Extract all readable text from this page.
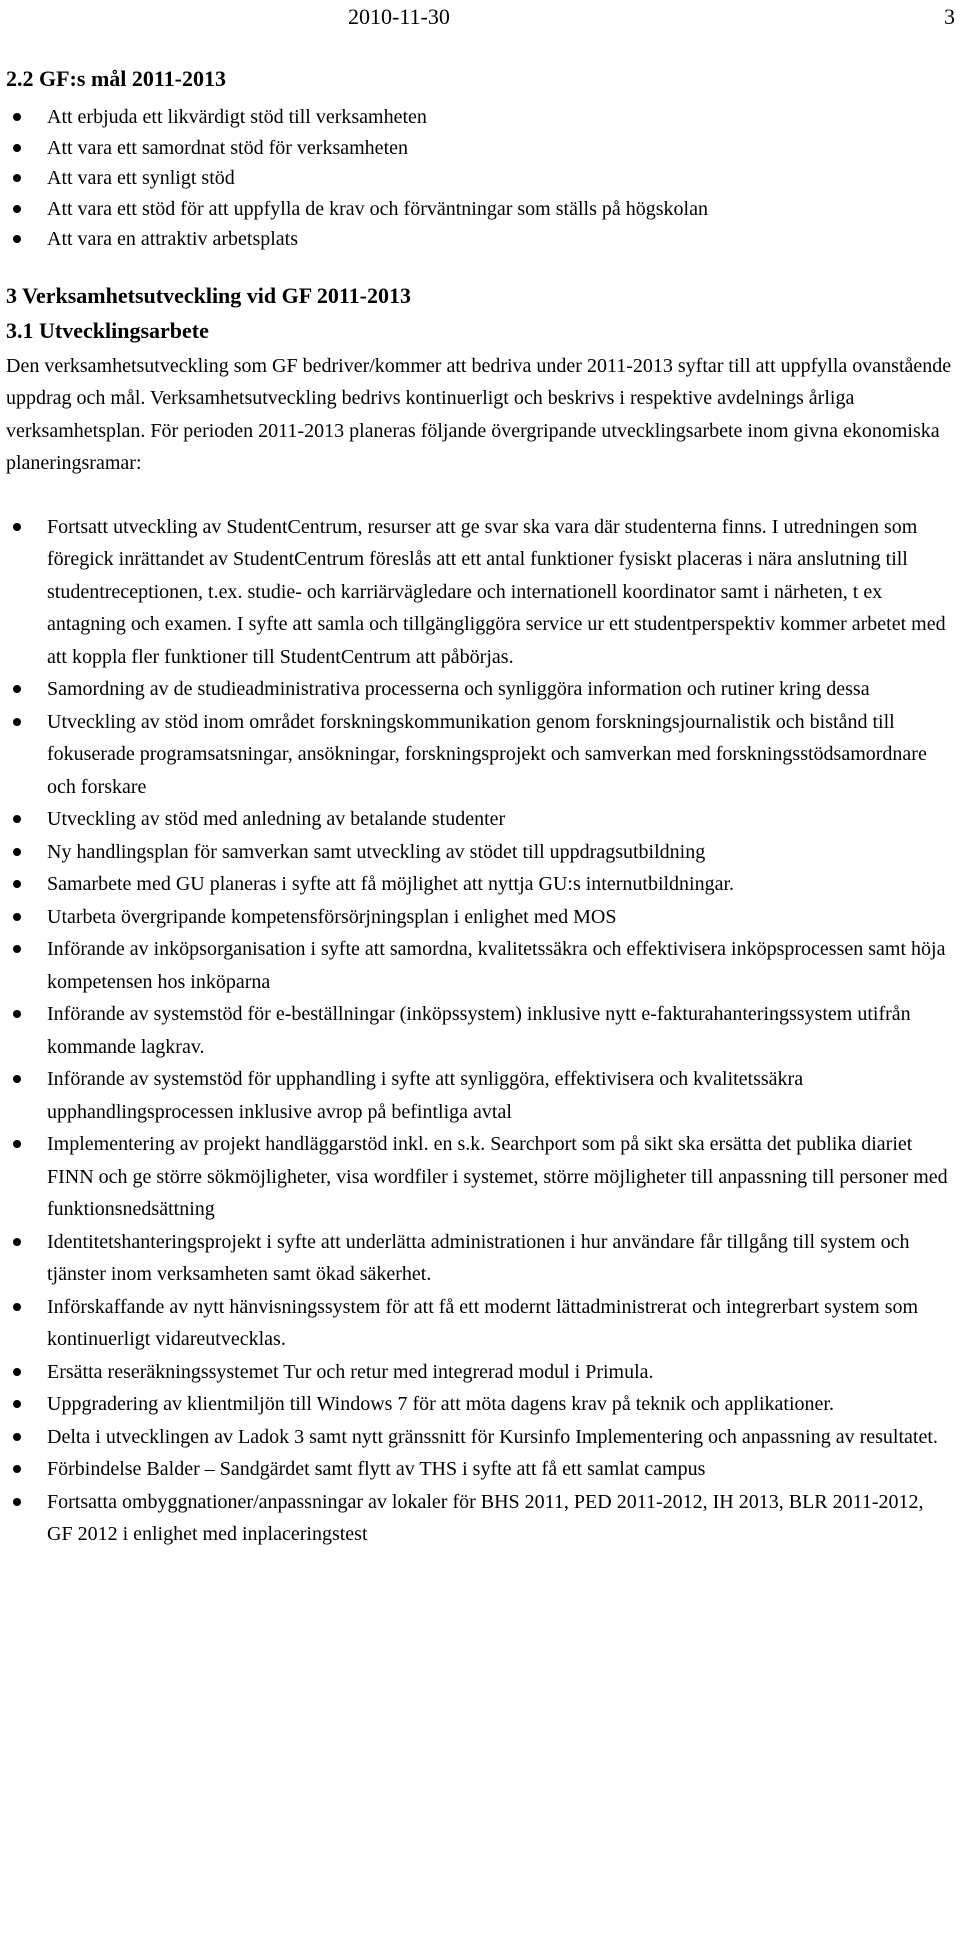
2010-11-30	3
2.2 GF:s mål 2011-2013
Att erbjuda ett likvärdigt stöd till verksamheten
Att vara ett samordnat stöd för verksamheten
Att vara ett synligt stöd
Att vara ett stöd för att uppfylla de krav och förväntningar som ställs på högskolan
Att vara en attraktiv arbetsplats
3 Verksamhetsutveckling vid GF 2011-2013
3.1 Utvecklingsarbete

Den verksamhetsutveckling som GF bedriver/kommer att bedriva under 2011-2013 syftar till att uppfylla ovanstående uppdrag och mål. Verksamhetsutveckling bedrivs kontinuerligt och beskrivs i respektive avdelnings årliga verksamhetsplan. För perioden 2011-2013 planeras följande övergripande utvecklingsarbete inom givna ekonomiska planeringsramar:

Fortsatt utveckling av StudentCentrum, resurser att ge svar ska vara där studenterna finns. I utredningen som föregick inrättandet av StudentCentrum föreslås att ett antal funktioner fysiskt placeras i nära anslutning till studentreceptionen, t.ex. studie- och karriärvägledare och internationell koordinator samt i närheten, t ex antagning och examen. I syfte att samla och tillgängliggöra service ur ett studentperspektiv kommer arbetet med att koppla fler funktioner till StudentCentrum att påbörjas.
Samordning av de studieadministrativa processerna och synliggöra information och rutiner kring dessa
Utveckling av stöd inom området forskningskommunikation genom forskningsjournalistik och bistånd till fokuserade programsatsningar, ansökningar, forskningsprojekt och samverkan med forskningsstödsamordnare och forskare
Utveckling av stöd med anledning av betalande studenter
Ny handlingsplan för samverkan samt utveckling av stödet till uppdragsutbildning
Samarbete med GU planeras i syfte att få möjlighet att nyttja GU:s internutbildningar.
Utarbeta övergripande kompetensförsörjningsplan i enlighet med MOS
Införande av inköpsorganisation i syfte att samordna, kvalitetssäkra och effektivisera inköpsprocessen samt höja kompetensen hos inköparna
Införande av systemstöd för e-beställningar (inköpssystem) inklusive nytt e-fakturahanteringssystem utifrån kommande lagkrav.
Införande av systemstöd för upphandling i syfte att synliggöra, effektivisera och kvalitetssäkra upphandlingsprocessen inklusive avrop på befintliga avtal
Implementering av projekt handläggarstöd inkl. en s.k. Searchport som på sikt ska ersätta det publika diariet FINN och ge större sökmöjligheter, visa wordfiler i systemet, större möjligheter till anpassning till personer med funktionsnedsättning
Identitetshanteringsprojekt i syfte att underlätta administrationen i hur användare får tillgång till system och tjänster inom verksamheten samt ökad säkerhet.
Införskaffande av nytt hänvisningssystem för att få ett modernt lättadministrerat och integrerbart system som kontinuerligt vidareutvecklas.
Ersätta reseräkningssystemet Tur och retur med integrerad modul i Primula.
Uppgradering av klientmiljön till Windows 7 för att möta dagens krav på teknik och applikationer.
Delta i utvecklingen av Ladok 3 samt nytt gränssnitt för Kursinfo Implementering och anpassning av resultatet.
Förbindelse Balder – Sandgärdet samt flytt av THS i syfte att få ett samlat campus
Fortsatta ombyggnationer/anpassningar av lokaler för BHS 2011, PED 2011-2012, IH 2013, BLR 2011-2012, GF 2012 i enlighet med inplaceringstest
